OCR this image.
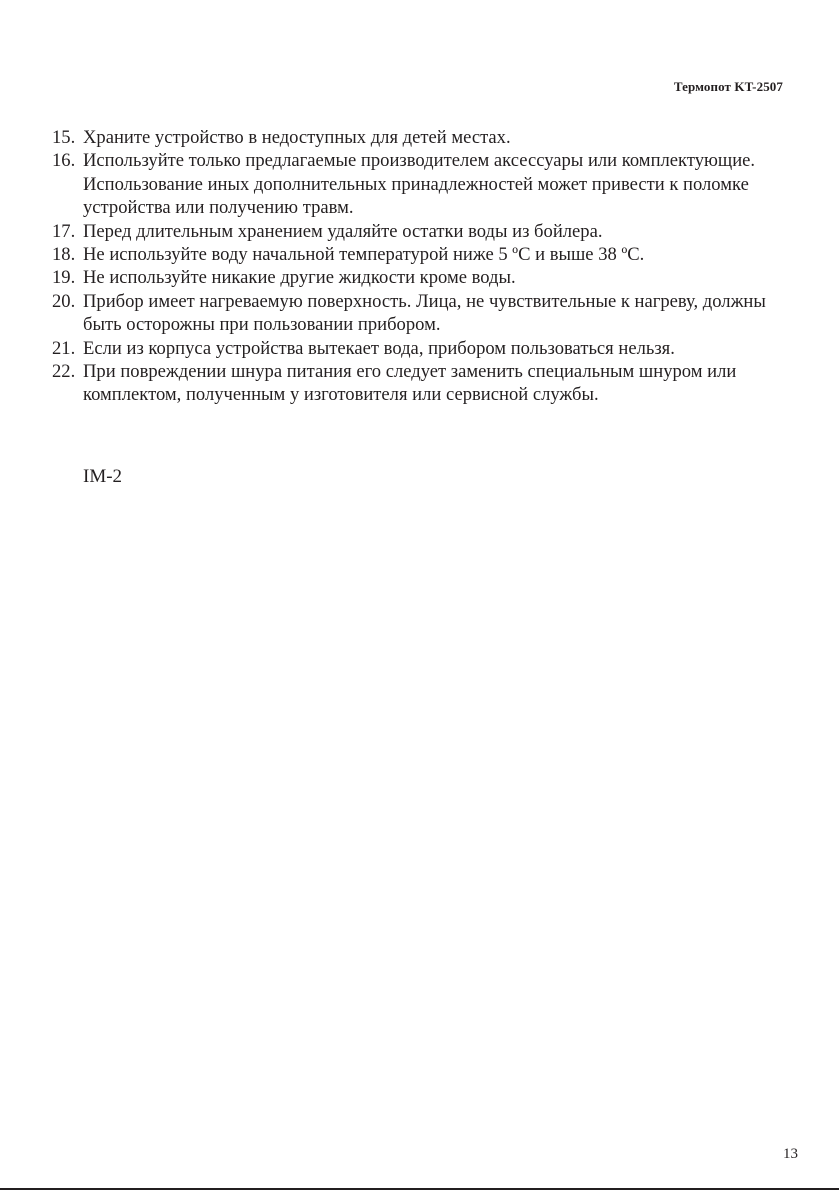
Термопот KT-2507
15. Храните устройство в недоступных для детей местах.
16. Используйте только предлагаемые производителем аксессуары или комплектующие. Использование иных дополнительных принадлежностей может привести к поломке устройства или получению травм.
17. Перед длительным хранением удаляйте остатки воды из бойлера.
18. Не используйте воду начальной температурой ниже 5 ºC и выше 38 ºC.
19. Не используйте никакие другие жидкости кроме воды.
20. Прибор имеет нагреваемую поверхность. Лица, не чувствительные к нагреву, должны быть осторожны при пользовании прибором.
21. Если из корпуса устройства вытекает вода, прибором пользоваться нельзя.
22. При повреждении шнура питания его следует заменить специальным шнуром или комплектом, полученным у изготовителя или сервисной службы.
IM-2
13
